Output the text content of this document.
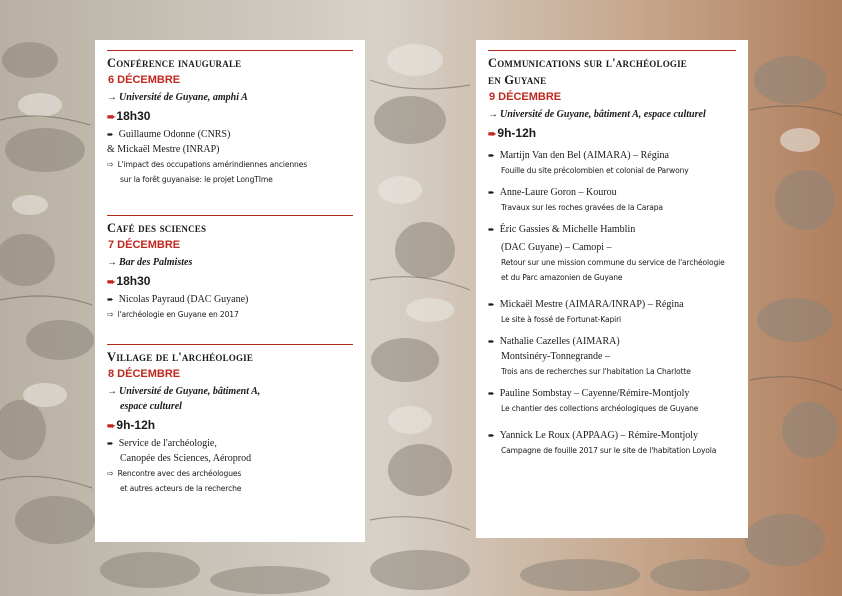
Conférence inaugurale
6 DÉCEMBRE
→ Université de Guyane, amphi A
➨18h30
➨ Guillaume Odonne (CNRS)
& Mickaël Mestre (INRAP)
⇨ L'impact des occupations amérindiennes anciennes
sur la forêt guyanaise: le projet LongTIme
Café des sciences
7 DÉCEMBRE
→ Bar des Palmistes
➨18h30
➨ Nicolas Payraud (DAC Guyane)
⇨ l'archéologie en Guyane en 2017
Village de l'archéologie
8 DÉCEMBRE
→ Université de Guyane, bâtiment A,
espace culturel
➨9h-12h
➨ Service de l'archéologie,
Canopée des Sciences, Aéroprod
⇨ Rencontre avec des archéologues
et autres acteurs de la recherche
Communications sur l'archéologie
en Guyane
9 DÉCEMBRE
→ Université de Guyane, bâtiment A, espace culturel
➨9h-12h
➨ Martijn Van den Bel (AIMARA) – Régina
Fouille du site précolombien et colonial de Parwony
➨ Anne-Laure Goron – Kourou
Travaux sur les roches gravées de la Carapa
➨ Éric Gassies & Michelle Hamblin
(DAC Guyane) – Camopi –
Retour sur une mission commune du service de l'archéologie
et du Parc amazonien de Guyane
➨ Mickaël Mestre (AIMARA/INRAP) – Régina
Le site à fossé de Fortunat-Kapiri
➨ Nathalie Cazelles (AIMARA)
Montsinéry-Tonnegrande –
Trois ans de recherches sur l'habitation La Charlotte
➨ Pauline Sombstay – Cayenne/Rémire-Montjoly
Le chantier des collections archéologiques de Guyane
➨ Yannick Le Roux (APPAAG) – Rémire-Montjoly
Campagne de fouille 2017 sur le site de l'habitation Loyola
